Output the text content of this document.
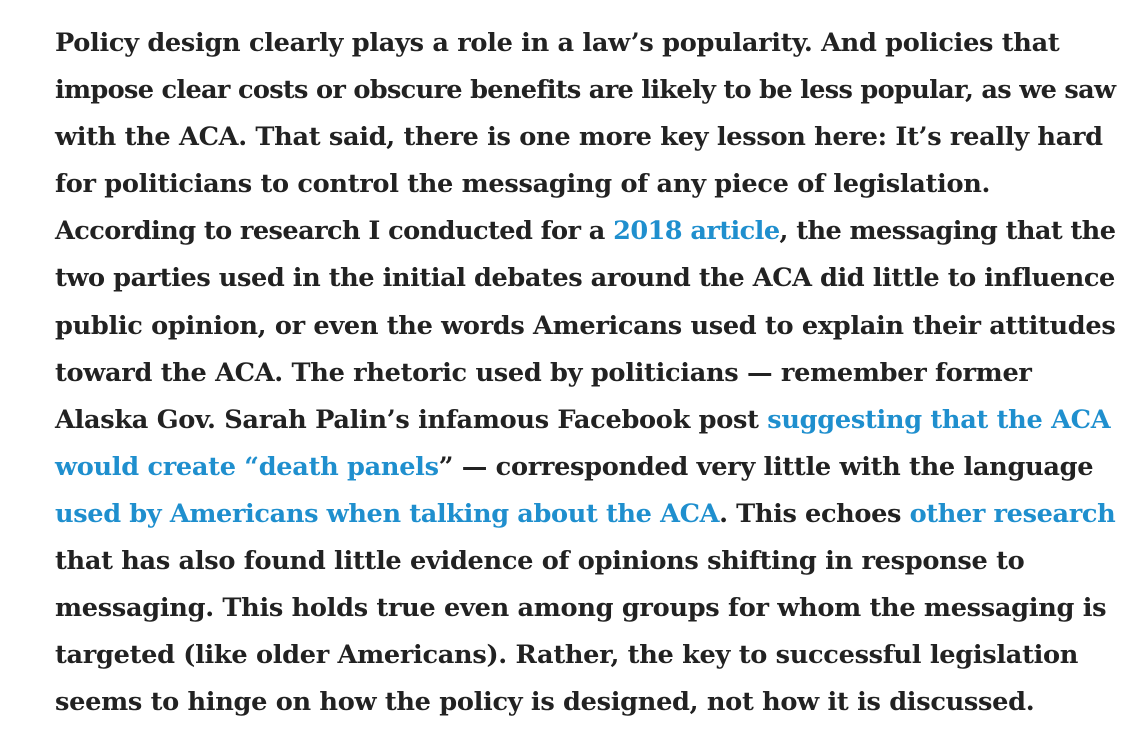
Policy design clearly plays a role in a law’s popularity. And policies that
impose clear costs or obscure benefits are likely to be less popular, as we saw
with the ACA. That said, there is one more key lesson here: It’s really hard
for politicians to control the messaging of any piece of legislation.
According to research I conducted for a 2018 article, the messaging that the
two parties used in the initial debates around the ACA did little to influence
public opinion, or even the words Americans used to explain their attitudes
toward the ACA. The rhetoric used by politicians — remember former
Alaska Gov. Sarah Palin’s infamous Facebook post suggesting that the ACA
would create “death panels” — corresponded very little with the language
used by Americans when talking about the ACA. This echoes other research
that has also found little evidence of opinions shifting in response to
messaging. This holds true even among groups for whom the messaging is
targeted (like older Americans). Rather, the key to successful legislation
seems to hinge on how the policy is designed, not how it is discussed.
